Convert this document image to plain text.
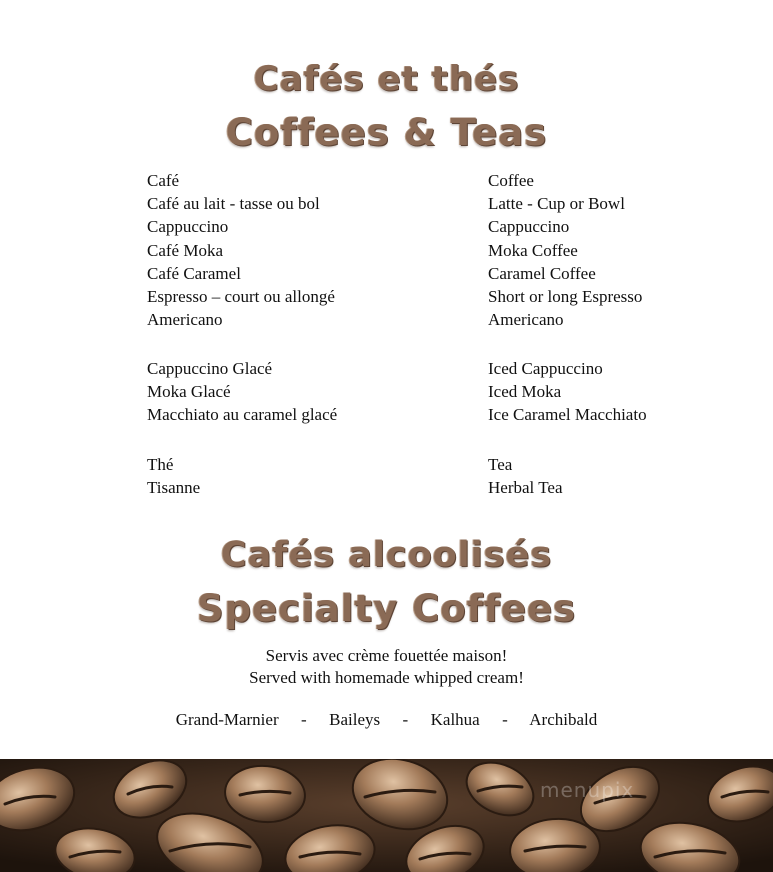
Cafés et thés
Coffees & Teas
Café
Café au lait - tasse ou bol
Cappuccino
Café Moka
Café Caramel
Espresso – court ou allongé
Americano
Coffee
Latte - Cup or Bowl
Cappuccino
Moka Coffee
Caramel Coffee
Short or long Espresso
Americano
Cappuccino Glacé
Moka Glacé
Macchiato au caramel glacé
Iced Cappuccino
Iced Moka
Ice Caramel Macchiato
Thé
Tisanne
Tea
Herbal Tea
Cafés alcoolisés
Specialty Coffees
Servis avec crème fouettée maison!
Served with homemade whipped cream!
Grand-Marnier - Baileys - Kalhua - Archibald
menupix
